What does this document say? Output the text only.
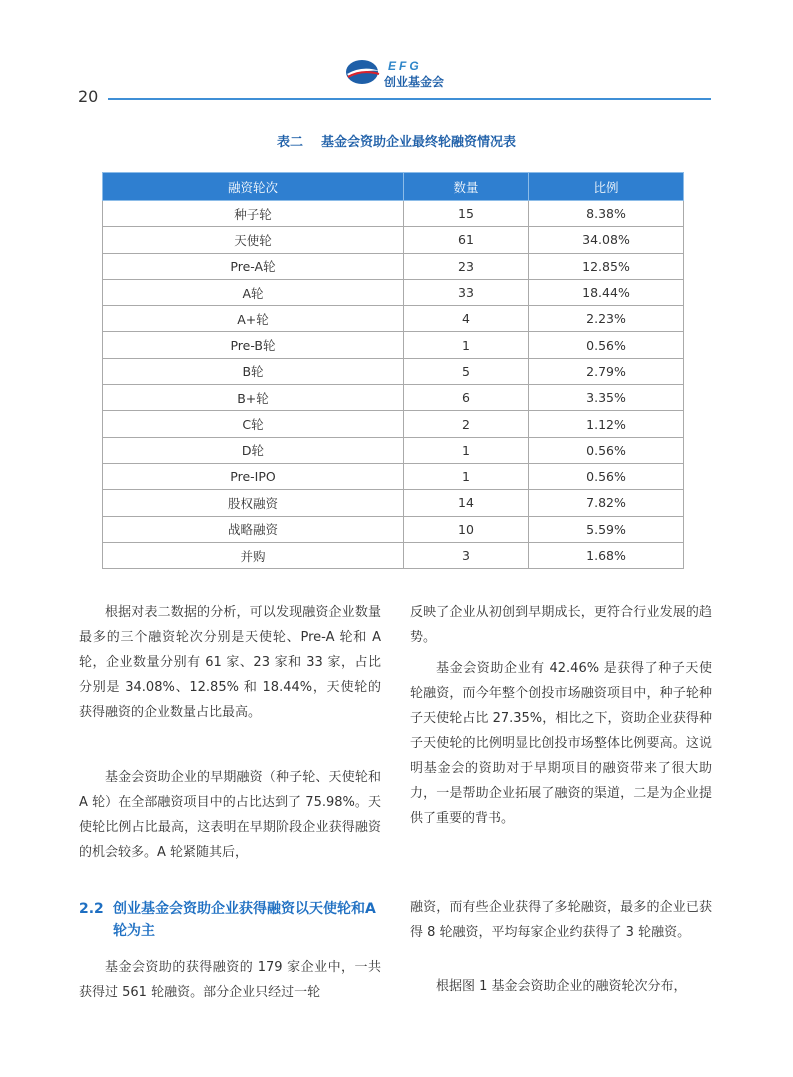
EFG
创业基金会
20
表二 基金会资助企业最终轮融资情况表
融资轮次	数量	比例
种子轮	15	8.38%
天使轮	61	34.08%
Pre-A轮	23	12.85%
A轮	33	18.44%
A+轮	4	2.23%
Pre-B轮	1	0.56%
B轮	5	2.79%
B+轮	6	3.35%
C轮	2	1.12%
D轮	1	0.56%
Pre-IPO	1	0.56%
股权融资	14	7.82%
战略融资	10	5.59%
并购	3	1.68%

根据对表二数据的分析，可以发现融资企业数量最多的三个融资轮次分别是天使轮、Pre-A 轮和 A 轮，企业数量分别有 61 家、23 家和 33 家，占比分别是 34.08%、12.85% 和 18.44%，天使轮的获得融资的企业数量占比最高。

基金会资助企业的早期融资（种子轮、天使轮和 A 轮）在全部融资项目中的占比达到了 75.98%。天使轮比例占比最高，这表明在早期阶段企业获得融资的机会较多。A 轮紧随其后，

反映了企业从初创到早期成长，更符合行业发展的趋势。

基金会资助企业有 42.46% 是获得了种子天使轮融资，而今年整个创投市场融资项目中，种子轮种子天使轮占比 27.35%，相比之下，资助企业获得种子天使轮的比例明显比创投市场整体比例要高。这说明基金会的资助对于早期项目的融资带来了很大助力，一是帮助企业拓展了融资的渠道，二是为企业提供了重要的背书。

2.2 创业基金会资助企业获得融资以天使轮和A轮为主

基金会资助的获得融资的 179 家企业中，一共获得过 561 轮融资。部分企业只经过一轮

融资，而有些企业获得了多轮融资，最多的企业已获得 8 轮融资，平均每家企业约获得了 3 轮融资。

根据图 1 基金会资助企业的融资轮次分布，
